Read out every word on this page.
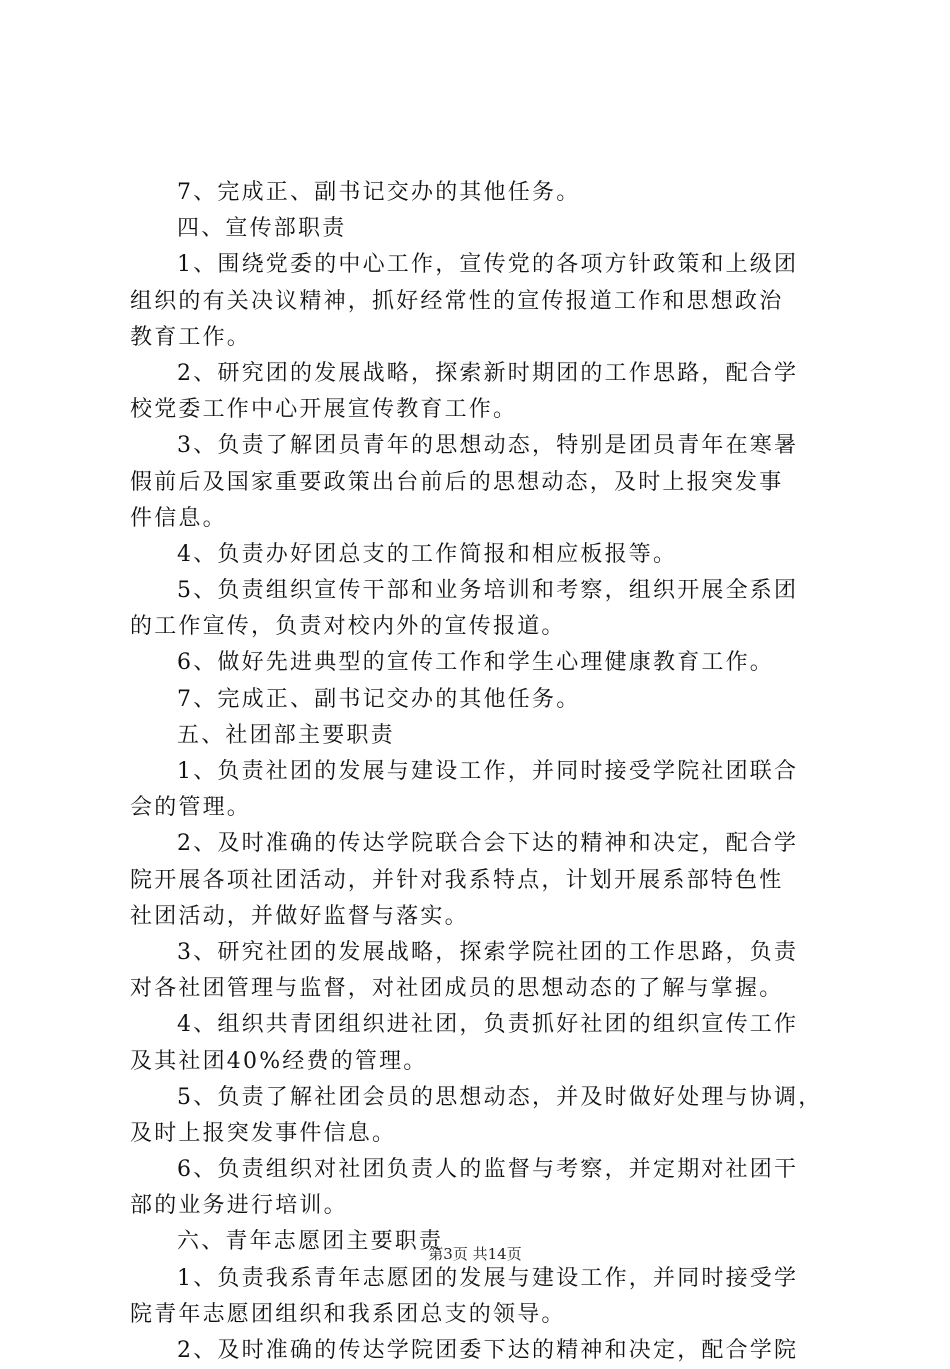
7、完成正、副书记交办的其他任务。
四、宣传部职责
1、围绕党委的中心工作，宣传党的各项方针政策和上级团
组织的有关决议精神，抓好经常性的宣传报道工作和思想政治
教育工作。
2、研究团的发展战略，探索新时期团的工作思路，配合学
校党委工作中心开展宣传教育工作。
3、负责了解团员青年的思想动态，特别是团员青年在寒暑
假前后及国家重要政策出台前后的思想动态，及时上报突发事
件信息。
4、负责办好团总支的工作简报和相应板报等。
5、负责组织宣传干部和业务培训和考察，组织开展全系团
的工作宣传，负责对校内外的宣传报道。
6、做好先进典型的宣传工作和学生心理健康教育工作。
7、完成正、副书记交办的其他任务。
五、社团部主要职责
1、负责社团的发展与建设工作，并同时接受学院社团联合
会的管理。
2、及时准确的传达学院联合会下达的精神和决定，配合学
院开展各项社团活动，并针对我系特点，计划开展系部特色性
社团活动，并做好监督与落实。
3、研究社团的发展战略，探索学院社团的工作思路，负责
对各社团管理与监督，对社团成员的思想动态的了解与掌握。
4、组织共青团组织进社团，负责抓好社团的组织宣传工作
及其社团40%经费的管理。
5、负责了解社团会员的思想动态，并及时做好处理与协调，
及时上报突发事件信息。
6、负责组织对社团负责人的监督与考察，并定期对社团干
部的业务进行培训。
六、青年志愿团主要职责
1、负责我系青年志愿团的发展与建设工作，并同时接受学
院青年志愿团组织和我系团总支的领导。
2、及时准确的传达学院团委下达的精神和决定，配合学院
第3页 共14页
